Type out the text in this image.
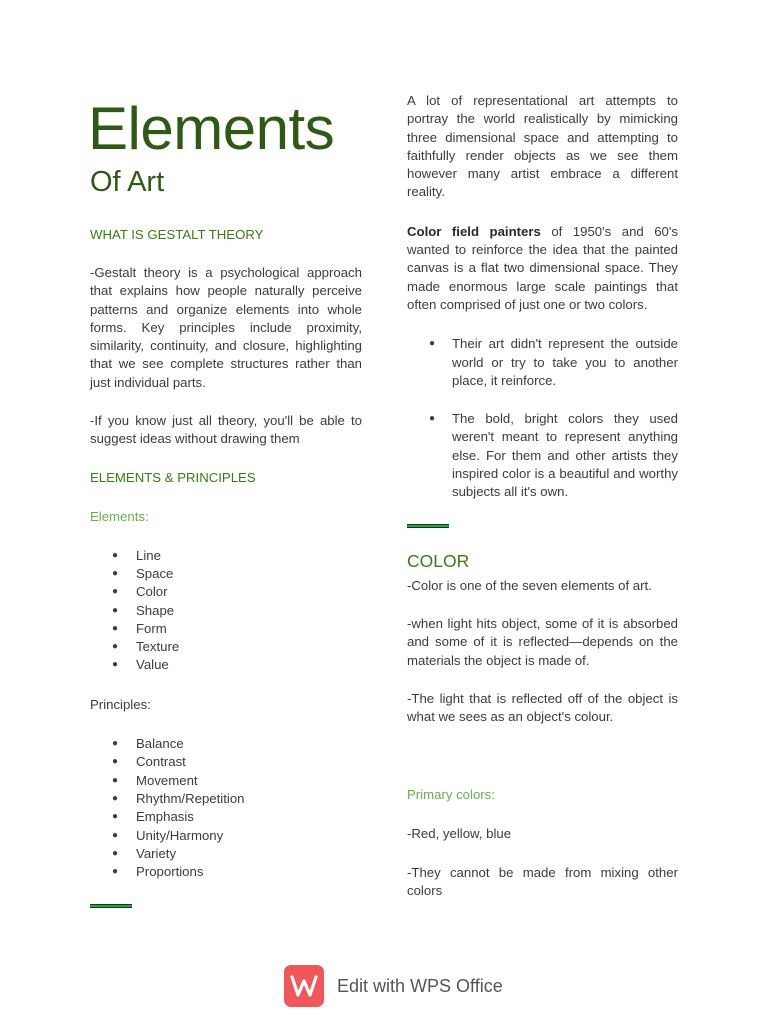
Elements
Of Art
WHAT IS GESTALT THEORY

-Gestalt theory is a psychological approach that explains how people naturally perceive patterns and organize elements into whole forms. Key principles include proximity, similarity, continuity, and closure, highlighting that we see complete structures rather than just individual parts.

-If you know just all theory, you'll be able to suggest ideas without drawing them

ELEMENTS & PRINCIPLES
Elements:
● Line
● Space
● Color
● Shape
● Form
● Texture
● Value

Principles:

● Balance
● Contrast
● Movement
● Rhythm/Repetition
● Emphasis
● Unity/Harmony
● Variety
● Proportions

A lot of representational art attempts to portray the world realistically by mimicking three dimensional space and attempting to faithfully render objects as we see them however many artist embrace a different reality.

Color field painters of 1950's and 60's wanted to reinforce the idea that the painted canvas is a flat two dimensional space. They made enormous large scale paintings that often comprised of just one or two colors.

● Their art didn't represent the outside world or try to take you to another place, it reinforce.
● The bold, bright colors they used weren't meant to represent anything else. For them and other artists they inspired color is a beautiful and worthy subjects all it's own.
COLOR

-Color is one of the seven elements of art.

-when light hits object, some of it is absorbed and some of it is reflected—depends on the materials the object is made of.

-The light that is reflected off of the object is what we sees as an object's colour.

Primary colors:

-Red, yellow, blue

-They cannot be made from mixing other colors

Edit with WPS Office
